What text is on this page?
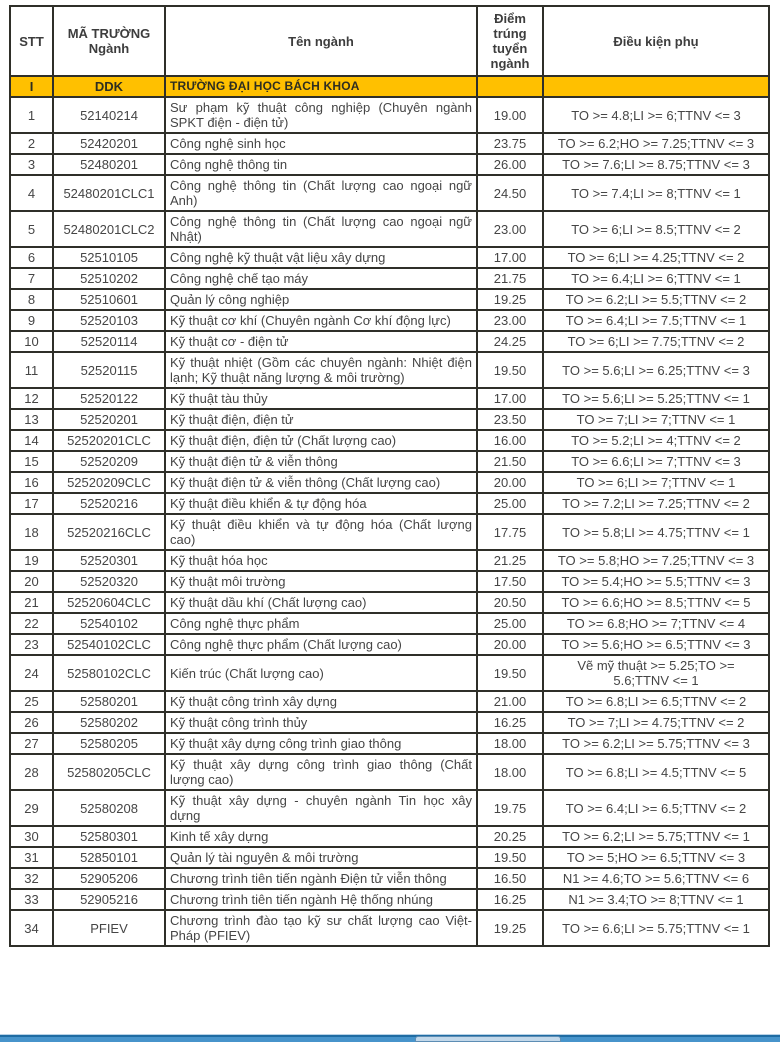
STT	MÃ TRƯỜNG Ngành	Tên ngành	Điểm trúng tuyển ngành	Điều kiện phụ
I	DDK	TRƯỜNG ĐẠI HỌC BÁCH KHOA		
1	52140214	Sư phạm kỹ thuật công nghiệp (Chuyên ngành SPKT điện - điện tử)	19.00	TO >= 4.8;LI >= 6;TTNV <= 3
2	52420201	Công nghệ sinh học	23.75	TO >= 6.2;HO >= 7.25;TTNV <= 3
3	52480201	Công nghệ thông tin	26.00	TO >= 7.6;LI >= 8.75;TTNV <= 3
4	52480201CLC1	Công nghệ thông tin (Chất lượng cao ngoại ngữ Anh)	24.50	TO >= 7.4;LI >= 8;TTNV <= 1
5	52480201CLC2	Công nghệ thông tin (Chất lượng cao ngoại ngữ Nhật)	23.00	TO >= 6;LI >= 8.5;TTNV <= 2
6	52510105	Công nghệ kỹ thuật vật liệu xây dựng	17.00	TO >= 6;LI >= 4.25;TTNV <= 2
7	52510202	Công nghệ chế tạo máy	21.75	TO >= 6.4;LI >= 6;TTNV <= 1
8	52510601	Quản lý công nghiệp	19.25	TO >= 6.2;LI >= 5.5;TTNV <= 2
9	52520103	Kỹ thuật cơ khí (Chuyên ngành Cơ khí động lực)	23.00	TO >= 6.4;LI >= 7.5;TTNV <= 1
10	52520114	Kỹ thuật cơ - điện tử	24.25	TO >= 6;LI >= 7.75;TTNV <= 2
11	52520115	Kỹ thuật nhiệt (Gồm các chuyên ngành: Nhiệt điện lạnh; Kỹ thuật năng lượng & môi trường)	19.50	TO >= 5.6;LI >= 6.25;TTNV <= 3
12	52520122	Kỹ thuật tàu thủy	17.00	TO >= 5.6;LI >= 5.25;TTNV <= 1
13	52520201	Kỹ thuật điện, điện tử	23.50	TO >= 7;LI >= 7;TTNV <= 1
14	52520201CLC	Kỹ thuật điện, điện tử (Chất lượng cao)	16.00	TO >= 5.2;LI >= 4;TTNV <= 2
15	52520209	Kỹ thuật điện tử & viễn thông	21.50	TO >= 6.6;LI >= 7;TTNV <= 3
16	52520209CLC	Kỹ thuật điện tử & viễn thông (Chất lượng cao)	20.00	TO >= 6;LI >= 7;TTNV <= 1
17	52520216	Kỹ thuật điều khiển & tự động hóa	25.00	TO >= 7.2;LI >= 7.25;TTNV <= 2
18	52520216CLC	Kỹ thuật điều khiển và tự động hóa (Chất lượng cao)	17.75	TO >= 5.8;LI >= 4.75;TTNV <= 1
19	52520301	Kỹ thuật hóa học	21.25	TO >= 5.8;HO >= 7.25;TTNV <= 3
20	52520320	Kỹ thuật môi trường	17.50	TO >= 5.4;HO >= 5.5;TTNV <= 3
21	52520604CLC	Kỹ thuật dầu khí (Chất lượng cao)	20.50	TO >= 6.6;HO >= 8.5;TTNV <= 5
22	52540102	Công nghệ thực phẩm	25.00	TO >= 6.8;HO >= 7;TTNV <= 4
23	52540102CLC	Công nghệ thực phẩm (Chất lượng cao)	20.00	TO >= 5.6;HO >= 6.5;TTNV <= 3
24	52580102CLC	Kiến trúc (Chất lượng cao)	19.50	Vẽ mỹ thuật >= 5.25;TO >= 5.6;TTNV <= 1
25	52580201	Kỹ thuật công trình xây dựng	21.00	TO >= 6.8;LI >= 6.5;TTNV <= 2
26	52580202	Kỹ thuật công trình thủy	16.25	TO >= 7;LI >= 4.75;TTNV <= 2
27	52580205	Kỹ thuật xây dựng công trình giao thông	18.00	TO >= 6.2;LI >= 5.75;TTNV <= 3
28	52580205CLC	Kỹ thuật xây dựng công trình giao thông (Chất lượng cao)	18.00	TO >= 6.8;LI >= 4.5;TTNV <= 5
29	52580208	Kỹ thuật xây dựng - chuyên ngành Tin học xây dựng	19.75	TO >= 6.4;LI >= 6.5;TTNV <= 2
30	52580301	Kinh tế xây dựng	20.25	TO >= 6.2;LI >= 5.75;TTNV <= 1
31	52850101	Quản lý tài nguyên & môi trường	19.50	TO >= 5;HO >= 6.5;TTNV <= 3
32	52905206	Chương trình tiên tiến ngành Điện tử viễn thông	16.50	N1 >= 4.6;TO >= 5.6;TTNV <= 6
33	52905216	Chương trình tiên tiến ngành Hệ thống nhúng	16.25	N1 >= 3.4;TO >= 8;TTNV <= 1
34	PFIEV	Chương trình đào tạo kỹ sư chất lượng cao Việt-Pháp (PFIEV)	19.25	TO >= 6.6;LI >= 5.75;TTNV <= 1
